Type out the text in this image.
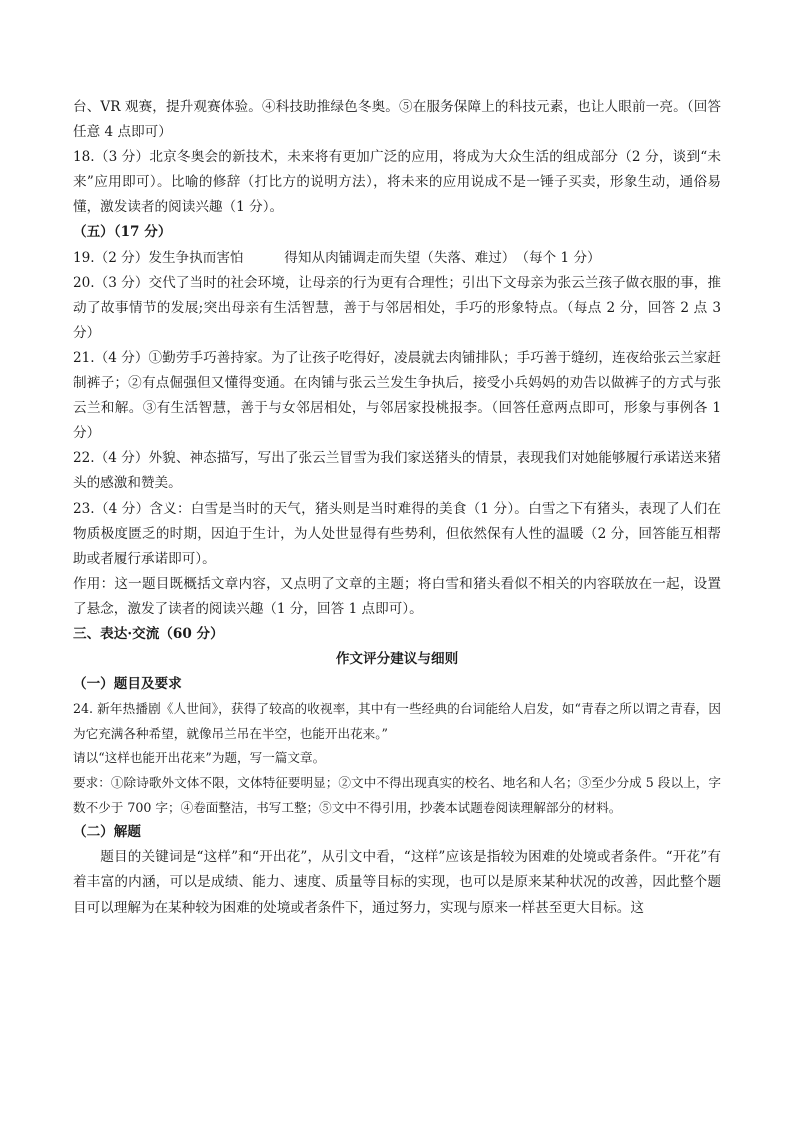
台、VR 观赛，提升观赛体验。④科技助推绿色冬奥。⑤在服务保障上的科技元素，也让人眼前一亮。（回答任意 4 点即可）

18.（3 分）北京冬奥会的新技术，未来将有更加广泛的应用，将成为大众生活的组成部分（2 分，谈到“未来”应用即可）。比喻的修辞（打比方的说明方法），将未来的应用说成不是一锤子买卖，形象生动，通俗易懂，激发读者的阅读兴趣（1 分）。

（五）（17 分）

19.（2 分）发生争执而害怕　　　得知从肉铺调走而失望（失落、难过）　（每个 1 分）

20.（3 分）交代了当时的社会环境，让母亲的行为更有合理性；引出下文母亲为张云兰孩子做衣服的事，推动了故事情节的发展;突出母亲有生活智慧，善于与邻居相处，手巧的形象特点。（每点 2 分，回答 2 点 3 分）

21.（4 分）①勤劳手巧善持家。为了让孩子吃得好，凌晨就去肉铺排队；手巧善于缝纫，连夜给张云兰家赶制裤子；②有点倔强但又懂得变通。在肉铺与张云兰发生争执后，接受小兵妈妈的劝告以做裤子的方式与张云兰和解。③有生活智慧，善于与女邻居相处，与邻居家投桃报李。（回答任意两点即可，形象与事例各 1 分）

22.（4 分）外貌、神态描写，写出了张云兰冒雪为我们家送猪头的情景，表现我们对她能够履行承诺送来猪头的感激和赞美。

23.（4 分）含义：白雪是当时的天气，猪头则是当时难得的美食（1 分）。白雪之下有猪头，表现了人们在物质极度匮乏的时期，因迫于生计，为人处世显得有些势利，但依然保有人性的温暖（2 分，回答能互相帮助或者履行承诺即可）。

作用：这一题目既概括文章内容，又点明了文章的主题；将白雪和猪头看似不相关的内容联放在一起，设置了悬念，激发了读者的阅读兴趣（1 分，回答 1 点即可）。

三、表达·交流（60 分）

作文评分建议与细则

（一）题目及要求

24. 新年热播剧《人世间》，获得了较高的收视率，其中有一些经典的台词能给人启发，如“青春之所以谓之青春，因为它充满各种希望，就像吊兰吊在半空，也能开出花来。”

请以“这样也能开出花来”为题，写一篇文章。

要求：①除诗歌外文体不限，文体特征要明显；②文中不得出现真实的校名、地名和人名；③至少分成 5 段以上，字数不少于 700 字；④卷面整洁，书写工整；⑤文中不得引用，抄袭本试题卷阅读理解部分的材料。

（二）解题

题目的关键词是“这样”和“开出花”，从引文中看，“这样”应该是指较为困难的处境或者条件。“开花”有着丰富的内涵，可以是成绩、能力、速度、质量等目标的实现，也可以是原来某种状况的改善，因此整个题目可以理解为在某种较为困难的处境或者条件下，通过努力，实现与原来一样甚至更大目标。这
